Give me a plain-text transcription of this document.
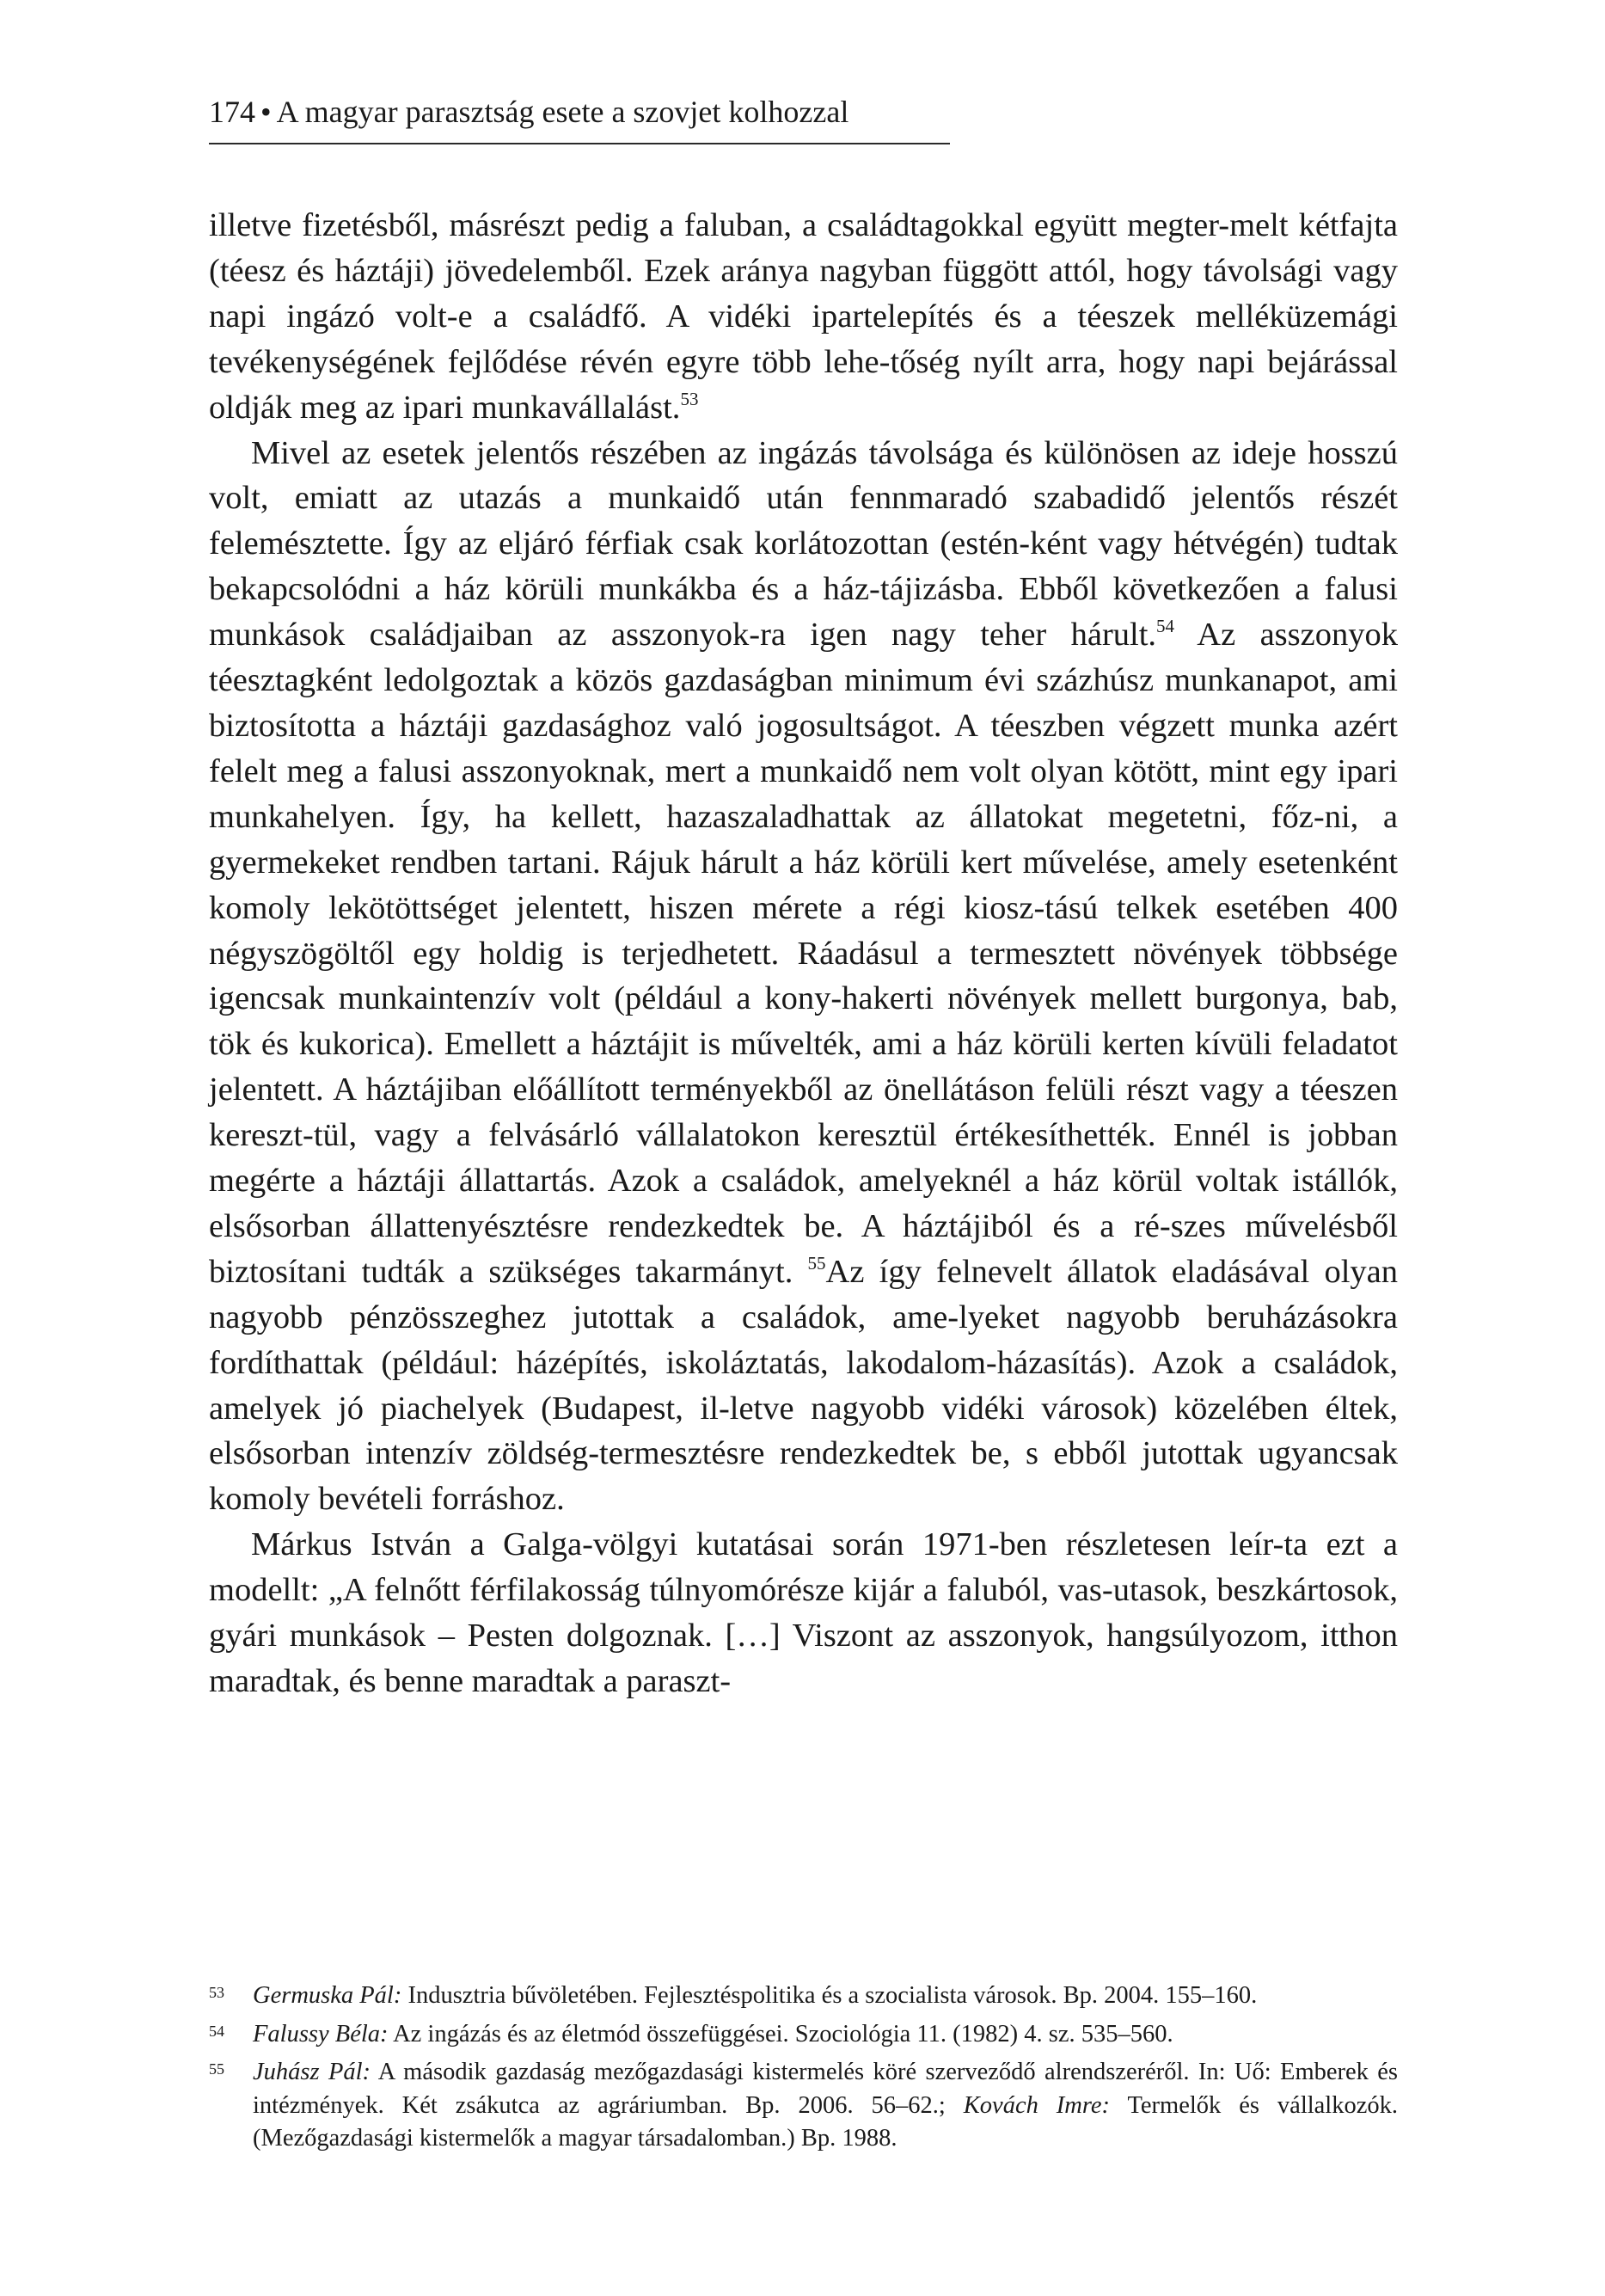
174 • A magyar parasztság esete a szovjet kolhozzal

illetve fizetésből, másrészt pedig a faluban, a családtagokkal együtt megter-melt kétfajta (téesz és háztáji) jövedelemből. Ezek aránya nagyban függött attól, hogy távolsági vagy napi ingázó volt-e a családfő. A vidéki ipartelepítés és a téeszek melléküzemági tevékenységének fejlődése révén egyre több lehe-tőség nyílt arra, hogy napi bejárással oldják meg az ipari munkavállalást.$^{53}$

Mivel az esetek jelentős részében az ingázás távolsága és különösen az ideje hosszú volt, emiatt az utazás a munkaidő után fennmaradó szabadidő jelentős részét felemésztette. Így az eljáró férfiak csak korlátozottan (estén-ként vagy hétvégén) tudtak bekapcsolódni a ház körüli munkákba és a ház-tájizásba. Ebből következően a falusi munkások családjaiban az asszonyok-ra igen nagy teher hárult.$^{54}$ Az asszonyok téesztagként ledolgoztak a közös gazdaságban minimum évi százhúsz munkanapot, ami biztosította a háztáji gazdasághoz való jogosultságot. A téeszben végzett munka azért felelt meg a falusi asszonyoknak, mert a munkaidő nem volt olyan kötött, mint egy ipari munkahelyen. Így, ha kellett, hazaszaladhattak az állatokat megetetni, főz-ni, a gyermekeket rendben tartani. Rájuk hárult a ház körüli kert művelése, amely esetenként komoly lekötöttséget jelentett, hiszen mérete a régi kiosz-tású telkek esetében 400 négyszögöltől egy holdig is terjedhetett. Ráadásul a termesztett növények többsége igencsak munkaintenzív volt (például a kony-hakerti növények mellett burgonya, bab, tök és kukorica). Emellett a háztájit is művelték, ami a ház körüli kerten kívüli feladatot jelentett. A háztájiban előállított terményekből az önellátáson felüli részt vagy a téeszen kereszt-tül, vagy a felvásárló vállalatokon keresztül értékesíthették. Ennél is jobban megérte a háztáji állattartás. Azok a családok, amelyeknél a ház körül voltak istállók, elsősorban állattenyésztésre rendezkedtek be. A háztájiból és a ré-szes művelésből biztosítani tudták a szükséges takarmányt. $^{55}$Az így felnevelt állatok eladásával olyan nagyobb pénzösszeghez jutottak a családok, ame-lyeket nagyobb beruházásokra fordíthattak (például: házépítés, iskoláztatás, lakodalom-házasítás). Azok a családok, amelyek jó piachelyek (Budapest, il-letve nagyobb vidéki városok) közelében éltek, elsősorban intenzív zöldség-termesztésre rendezkedtek be, s ebből jutottak ugyancsak komoly bevételi forráshoz.

Márkus István a Galga-völgyi kutatásai során 1971-ben részletesen leír-ta ezt a modellt: „A felnőtt férfilakosság túlnyomórésze kijár a faluból, vas-utasok, beszkártosok, gyári munkások – Pesten dolgoznak. […] Viszont az asszonyok, hangsúlyozom, itthon maradtak, és benne maradtak a paraszt-

53 Germuska Pál: Indusztria bűvöletében. Fejlesztéspolitika és a szocialista városok. Bp. 2004. 155–160.
54 Falussy Béla: Az ingázás és az életmód összefüggései. Szociológia 11. (1982) 4. sz. 535–560.
55 Juhász Pál: A második gazdaság mezőgazdasági kistermelés köré szerveződő alrendszeréről. In: Uő: Emberek és intézmények. Két zsákutca az agráriumban. Bp. 2006. 56–62.; Kovách Imre: Termelők és vállalkozók. (Mezőgazdasági kistermelők a magyar társadalomban.) Bp. 1988.
